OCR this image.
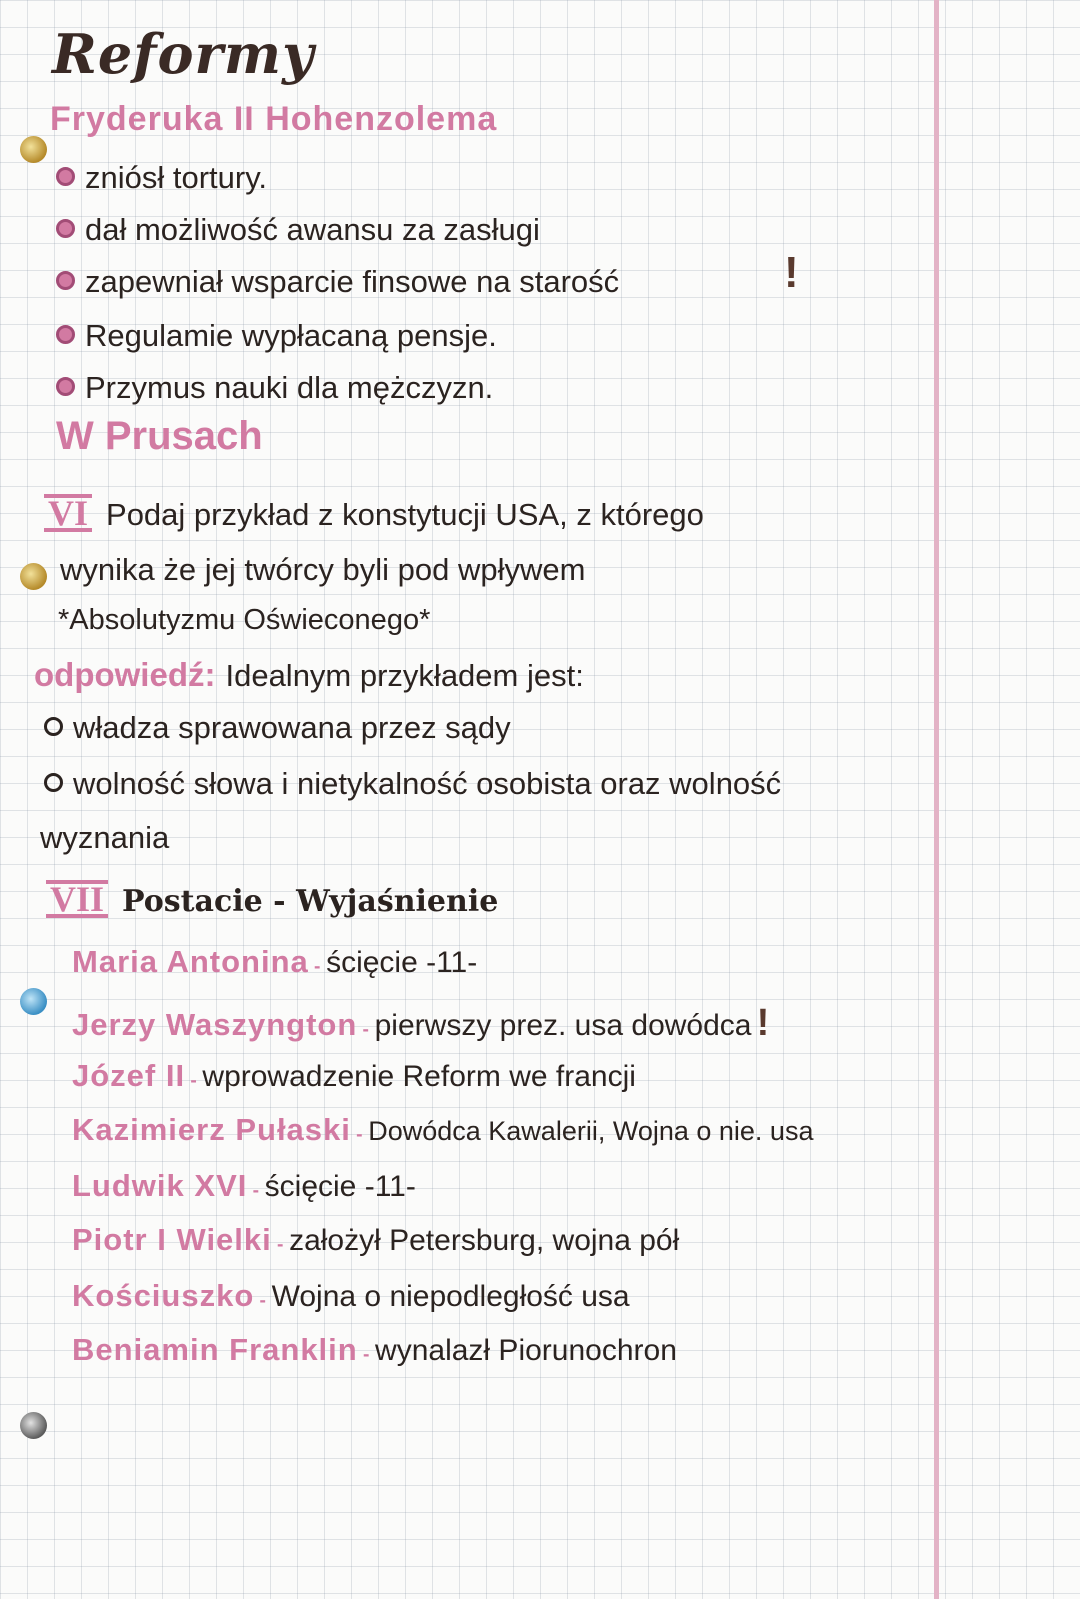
Reformy
Fryderuka II Hohenzolema
zniósł tortury.
dał możliwość awansu za zasługi
zapewniał wsparcie finsowe na starość	!
Regulamie wypłacaną pensje.
Przymus nauki dla mężczyzn.
W Prusach
VI Podaj przykład z konstytucji USA, z którego
wynika że jej twórcy byli pod wpływem
*Absolutyzmu Oświeconego*
odpowiedź: Idealnym przykładem jest:
władza sprawowana przez sądy
wolność słowa i nietykalność osobista oraz wolność
wyznania
VII Postacie - Wyjaśnienie
Maria Antonina - ścięcie -11-
Jerzy Waszyngton - pierwszy prez. usa dowódca !
Józef II - wprowadzenie Reform we francji
Kazimierz Pułaski - Dowódca Kawalerii, Wojna o nie. usa
Ludwik XVI - ścięcie -11-
Piotr I Wielki - założył Petersburg, wojna pół
Kościuszko - Wojna o niepodległość usa
Beniamin Franklin - wynalazł Piorunochron
